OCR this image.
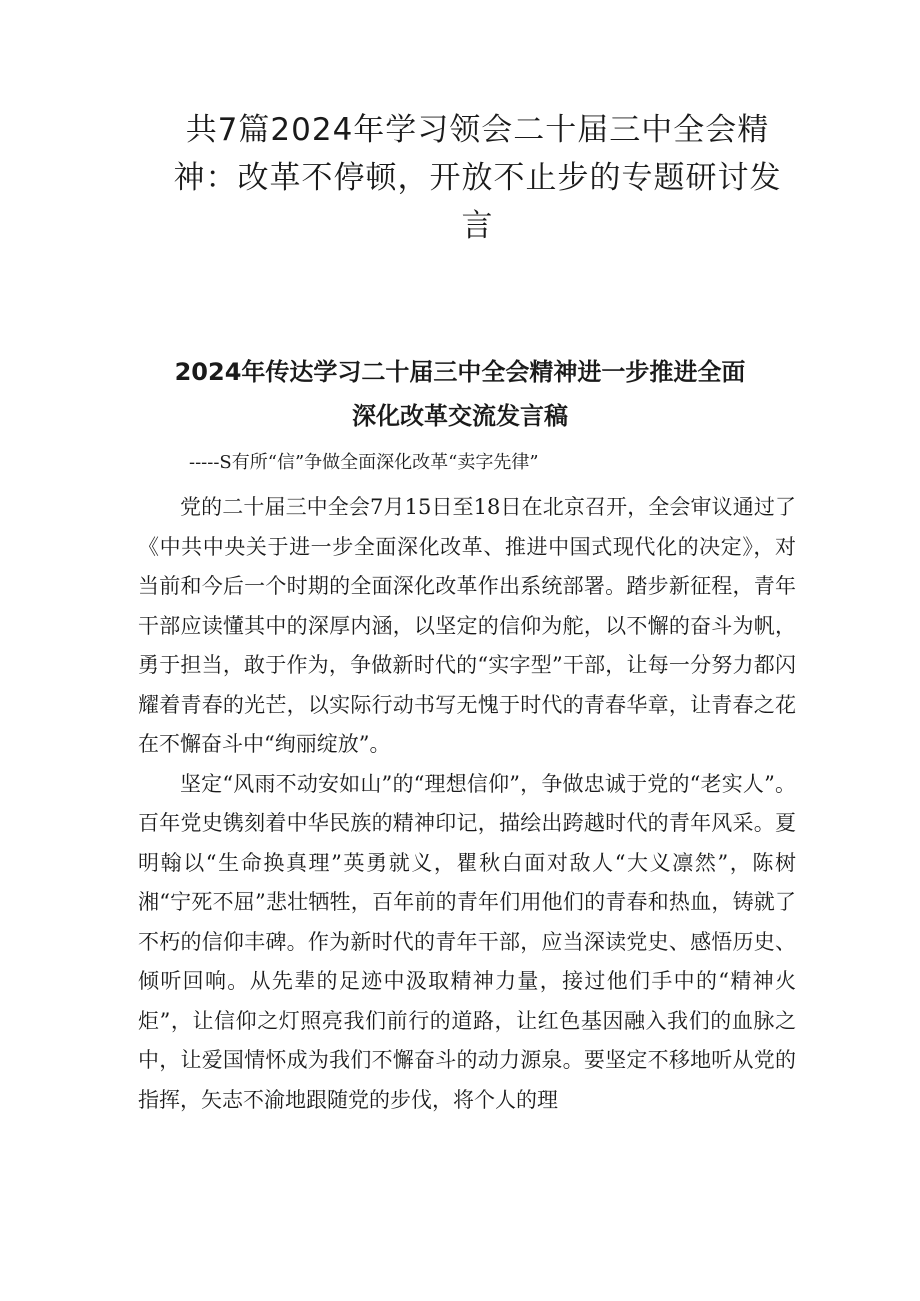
共7篇2024年学习领会二十届三中全会精神：改革不停顿，开放不止步的专题研讨发言
2024年传达学习二十届三中全会精神进一步推进全面深化改革交流发言稿

-----S有所“信”争做全面深化改革“卖字先律”

党的二十届三中全会7月15日至18日在北京召开，全会审议通过了《中共中央关于进一步全面深化改革、推进中国式现代化的决定》，对当前和今后一个时期的全面深化改革作出系统部署。踏步新征程，青年干部应读懂其中的深厚内涵，以坚定的信仰为舵，以不懈的奋斗为帆，勇于担当，敢于作为，争做新时代的“实字型”干部，让每一分努力都闪耀着青春的光芒，以实际行动书写无愧于时代的青春华章，让青春之花在不懈奋斗中“绚丽绽放”。

坚定“风雨不动安如山”的“理想信仰”，争做忠诚于党的“老实人”。百年党史镌刻着中华民族的精神印记，描绘出跨越时代的青年风采。夏明翰以“生命换真理”英勇就义，瞿秋白面对敌人“大义凛然”，陈树湘“宁死不屈”悲壮牺牲，百年前的青年们用他们的青春和热血，铸就了不朽的信仰丰碑。作为新时代的青年干部，应当深读党史、感悟历史、倾听回响。从先辈的足迹中汲取精神力量，接过他们手中的“精神火炬”，让信仰之灯照亮我们前行的道路，让红色基因融入我们的血脉之中，让爱国情怀成为我们不懈奋斗的动力源泉。要坚定不移地听从党的指挥，矢志不渝地跟随党的步伐，将个人的理
